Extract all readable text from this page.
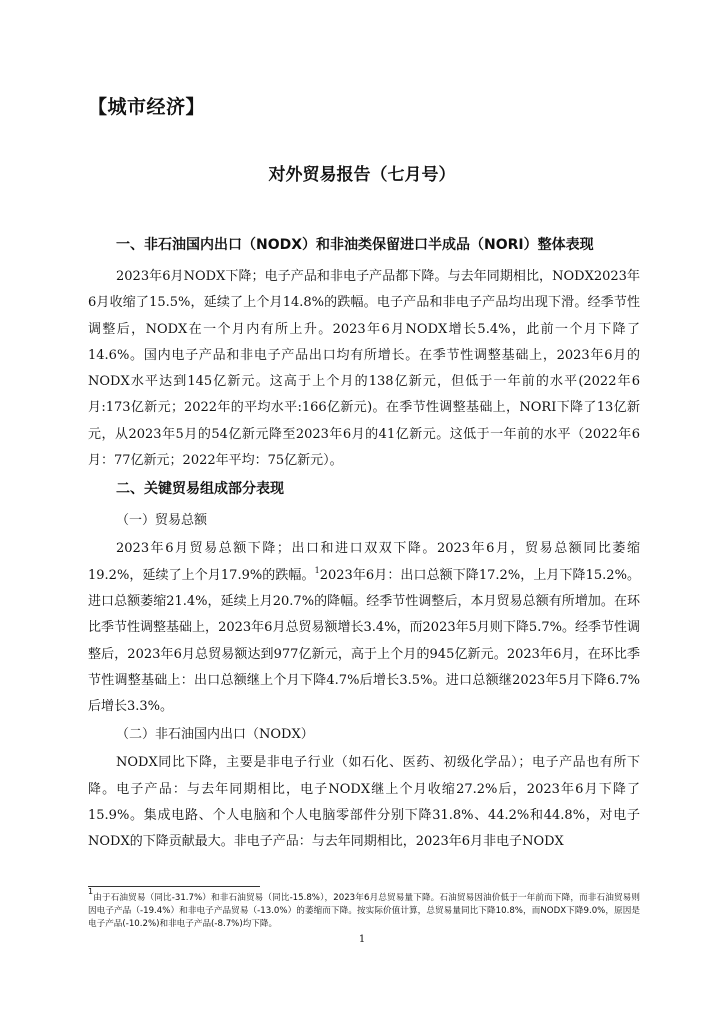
【城市经济】
对外贸易报告（七月号）
一、非石油国内出口（NODX）和非油类保留进口半成品（NORI）整体表现

2023年6月NODX下降；电子产品和非电子产品都下降。与去年同期相比，NODX2023年6月收缩了15.5%，延续了上个月14.8%的跌幅。电子产品和非电子产品均出现下滑。经季节性调整后，NODX在一个月内有所上升。2023年6月NODX增长5.4%，此前一个月下降了14.6%。国内电子产品和非电子产品出口均有所增长。在季节性调整基础上，2023年6月的NODX水平达到145亿新元。这高于上个月的138亿新元，但低于一年前的水平(2022年6月:173亿新元；2022年的平均水平:166亿新元)。在季节性调整基础上，NORI下降了13亿新元，从2023年5月的54亿新元降至2023年6月的41亿新元。这低于一年前的水平（2022年6月：77亿新元；2022年平均：75亿新元）。

二、关键贸易组成部分表现
（一）贸易总额

2023年6月贸易总额下降；出口和进口双双下降。2023年6月，贸易总额同比萎缩19.2%，延续了上个月17.9%的跌幅。$^1$2023年6月：出口总额下降17.2%，上月下降15.2%。进口总额萎缩21.4%，延续上月20.7%的降幅。经季节性调整后，本月贸易总额有所增加。在环比季节性调整基础上，2023年6月总贸易额增长3.4%，而2023年5月则下降5.7%。经季节性调整后，2023年6月总贸易额达到977亿新元，高于上个月的945亿新元。2023年6月，在环比季节性调整基础上：出口总额继上个月下降4.7%后增长3.5%。进口总额继2023年5月下降6.7%后增长3.3%。

（二）非石油国内出口（NODX）

NODX同比下降，主要是非电子行业（如石化、医药、初级化学品）；电子产品也有所下降。电子产品：与去年同期相比，电子NODX继上个月收缩27.2%后，2023年6月下降了15.9%。集成电路、个人电脑和个人电脑零部件分别下降31.8%、44.2%和44.8%，对电子NODX的下降贡献最大。非电子产品：与去年同期相比，2023年6月非电子NODX

$^1$由于石油贸易（同比-31.7%）和非石油贸易（同比-15.8%），2023年6月总贸易量下降。石油贸易因油价低于一年前而下降，而非石油贸易则因电子产品（-19.4%）和非电子产品贸易（-13.0%）的萎缩而下降。按实际价值计算，总贸易量同比下降10.8%，而NODX下降9.0%，原因是电子产品(-10.2%)和非电子产品(-8.7%)均下降。
1
